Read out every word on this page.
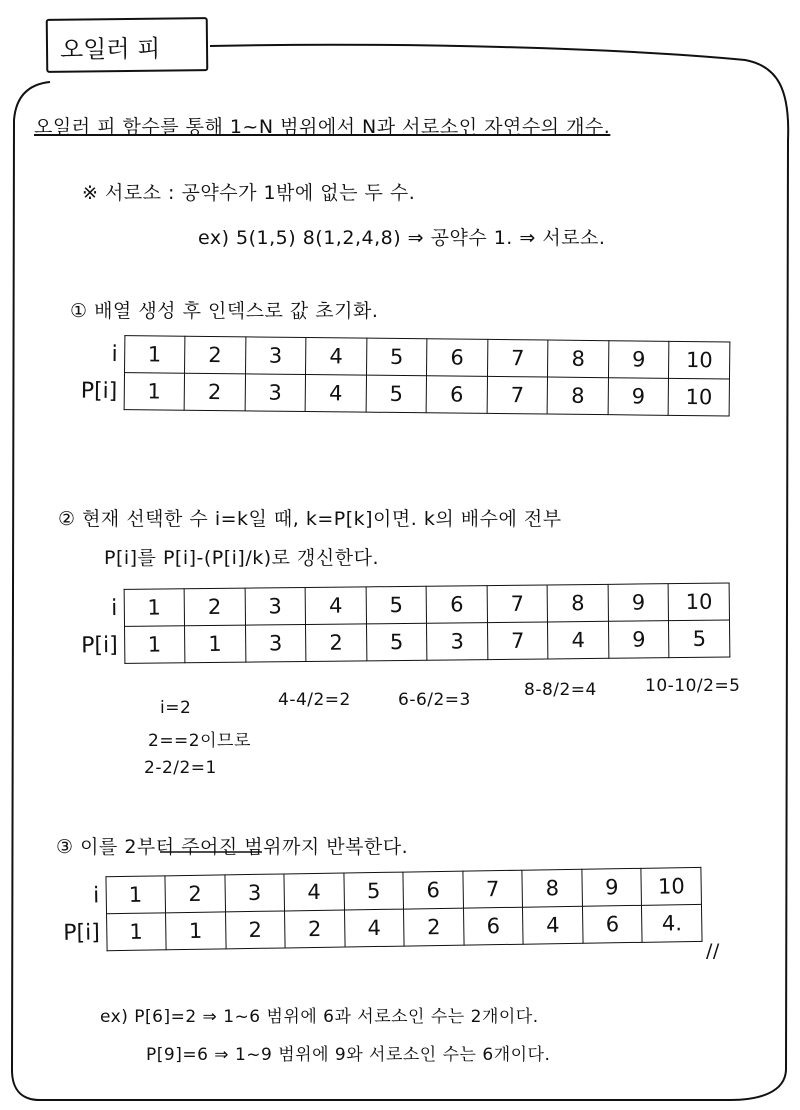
오일러 피
오일러 피 함수를 통해 1~N 범위에서 N과 서로소인 자연수의 개수.
※ 서로소 : 공약수가 1밖에 없는 두 수.
ex) 5(1,5) 8(1,2,4,8) ⇒ 공약수 1. ⇒ 서로소.
① 배열 생성 후 인덱스로 값 초기화.
i	1	2	3	4	5	6	7	8	9	10
P[i]	1	2	3	4	5	6	7	8	9	10
② 현재 선택한 수 i=k일 때, k=P[k]이면. k의 배수에 전부
P[i]를 P[i]-(P[i]/k)로 갱신한다.
i	1	2	3	4	5	6	7	8	9	10
P[i]	1	1	3	2	5	3	7	4	9	5
i=2	4-4/2=2	6-6/2=3	8-8/2=4	10-10/2=5
2==2이므로
2-2/2=1
③ 이를 2부터 주어진 범위까지 반복한다.
i	1	2	3	4	5	6	7	8	9	10
P[i]	1	1	2	2	4	2	6	4	6	4.
//
ex) P[6]=2 ⇒ 1~6 범위에 6과 서로소인 수는 2개이다.
P[9]=6 ⇒ 1~9 범위에 9와 서로소인 수는 6개이다.
